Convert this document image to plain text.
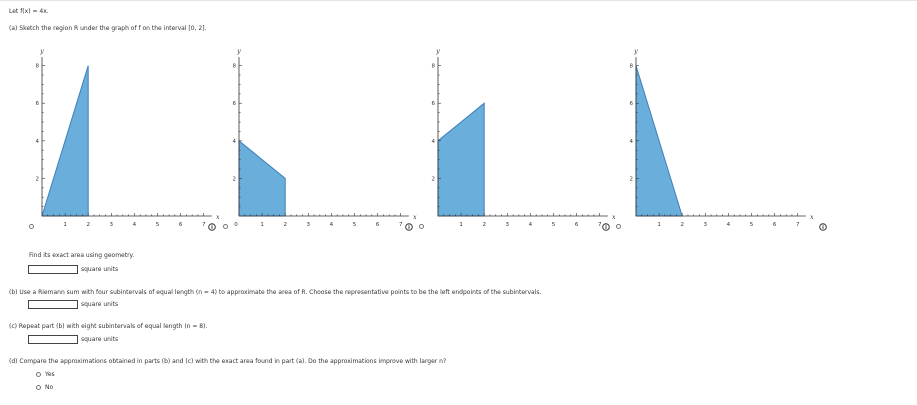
Let f(x) = 4x.
(a) Sketch the region R under the graph of f on the interval [0, 2].
1	2	3	4	5	6	7
8
6
4
2
x
y
1	2	3	4	5	6	7
8
6
4
2
0
x
y
1	2	3	4	5	6	7
8
6
4
2
x
y
1	2	3	4	5	6	7
8
6
4
2
x
y
Find its exact area using geometry.
square units
(b) Use a Riemann sum with four subintervals of equal length (n = 4) to approximate the area of R. Choose the representative points to be the left endpoints of the subintervals.
square units
(c) Repeat part (b) with eight subintervals of equal length (n = 8).
square units
(d) Compare the approximations obtained in parts (b) and (c) with the exact area found in part (a). Do the approximations improve with larger n?
Yes
No
